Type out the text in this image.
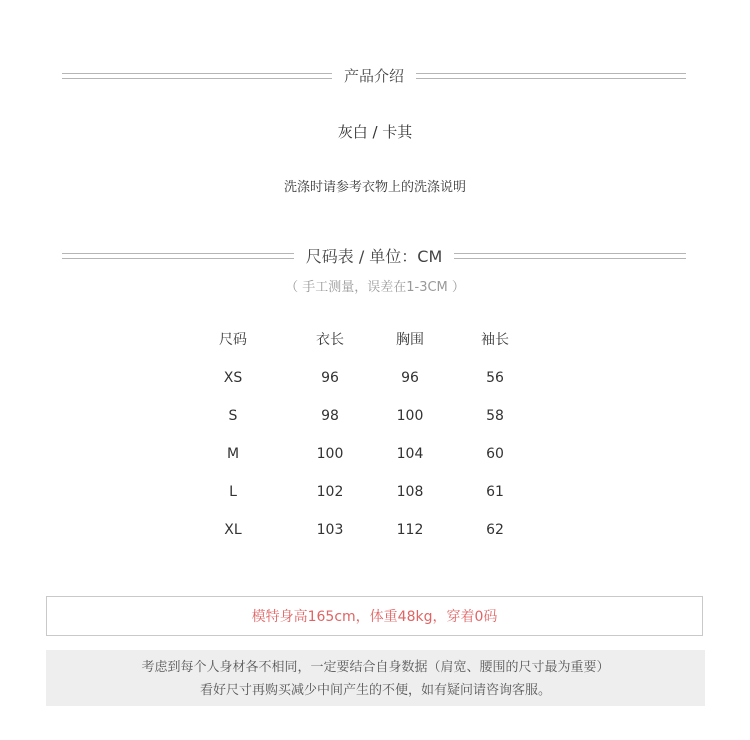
产品介绍
灰白 / 卡其
洗涤时请参考衣物上的洗涤说明
尺码表 / 单位：CM
（ 手工测量，误差在1-3CM ）
尺码	衣长	胸围	袖长
XS	96	96	56
S	98	100	58
M	100	104	60
L	102	108	61
XL	103	112	62
模特身高165cm，体重48kg，穿着0码
考虑到每个人身材各不相同，一定要结合自身数据（肩宽、腰围的尺寸最为重要）
看好尺寸再购买减少中间产生的不便，如有疑问请咨询客服。
